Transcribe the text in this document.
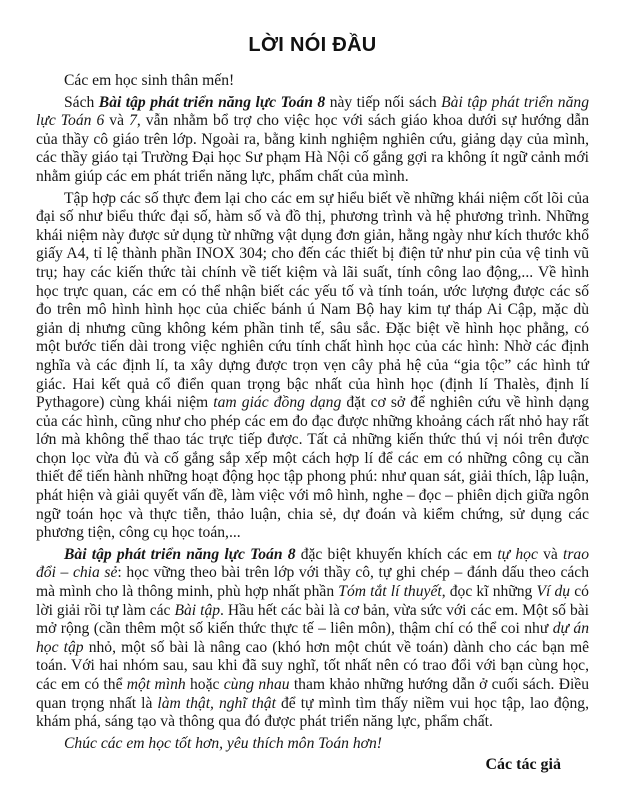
LỜI NÓI ĐẦU

Các em học sinh thân mến!

Sách Bài tập phát triển năng lực Toán 8 này tiếp nối sách Bài tập phát triển năng lực Toán 6 và 7, vẫn nhằm bổ trợ cho việc học với sách giáo khoa dưới sự hướng dẫn của thầy cô giáo trên lớp. Ngoài ra, bằng kinh nghiệm nghiên cứu, giảng dạy của mình, các thầy giáo tại Trường Đại học Sư phạm Hà Nội cố gắng gợi ra không ít ngữ cảnh mới nhằm giúp các em phát triển năng lực, phẩm chất của mình.

Tập hợp các số thực đem lại cho các em sự hiểu biết về những khái niệm cốt lõi của đại số như biểu thức đại số, hàm số và đồ thị, phương trình và hệ phương trình. Những khái niệm này được sử dụng từ những vật dụng đơn giản, hằng ngày như kích thước khổ giấy A4, tỉ lệ thành phần INOX 304; cho đến các thiết bị điện tử như pin của vệ tinh vũ trụ; hay các kiến thức tài chính về tiết kiệm và lãi suất, tính công lao động,... Về hình học trực quan, các em có thể nhận biết các yếu tố và tính toán, ước lượng được các số đo trên mô hình hình học của chiếc bánh ú Nam Bộ hay kim tự tháp Ai Cập, mặc dù giản dị nhưng cũng không kém phần tinh tế, sâu sắc. Đặc biệt về hình học phẳng, có một bước tiến dài trong việc nghiên cứu tính chất hình học của các hình: Nhờ các định nghĩa và các định lí, ta xây dựng được trọn vẹn cây phả hệ của “gia tộc” các hình tứ giác. Hai kết quả cổ điển quan trọng bậc nhất của hình học (định lí Thalès, định lí Pythagore) cùng khái niệm tam giác đồng dạng đặt cơ sở để nghiên cứu về hình dạng của các hình, cũng như cho phép các em đo đạc được những khoảng cách rất nhỏ hay rất lớn mà không thể thao tác trực tiếp được. Tất cả những kiến thức thú vị nói trên được chọn lọc vừa đủ và cố gắng sắp xếp một cách hợp lí để các em có những công cụ cần thiết để tiến hành những hoạt động học tập phong phú: như quan sát, giải thích, lập luận, phát hiện và giải quyết vấn đề, làm việc với mô hình, nghe – đọc – phiên dịch giữa ngôn ngữ toán học và thực tiễn, thảo luận, chia sẻ, dự đoán và kiểm chứng, sử dụng các phương tiện, công cụ học toán,...

Bài tập phát triển năng lực Toán 8 đặc biệt khuyến khích các em tự học và trao đổi – chia sẻ: học vững theo bài trên lớp với thầy cô, tự ghi chép – đánh dấu theo cách mà mình cho là thông minh, phù hợp nhất phần Tóm tắt lí thuyết, đọc kĩ những Ví dụ có lời giải rồi tự làm các Bài tập. Hầu hết các bài là cơ bản, vừa sức với các em. Một số bài mở rộng (cần thêm một số kiến thức thực tế – liên môn), thậm chí có thể coi như dự án học tập nhỏ, một số bài là nâng cao (khó hơn một chút về toán) dành cho các bạn mê toán. Với hai nhóm sau, sau khi đã suy nghĩ, tốt nhất nên có trao đổi với bạn cùng học, các em có thể một mình hoặc cùng nhau tham khảo những hướng dẫn ở cuối sách. Điều quan trọng nhất là làm thật, nghĩ thật để tự mình tìm thấy niềm vui học tập, lao động, khám phá, sáng tạo và thông qua đó được phát triển năng lực, phẩm chất.

Chúc các em học tốt hơn, yêu thích môn Toán hơn!

Các tác giả
